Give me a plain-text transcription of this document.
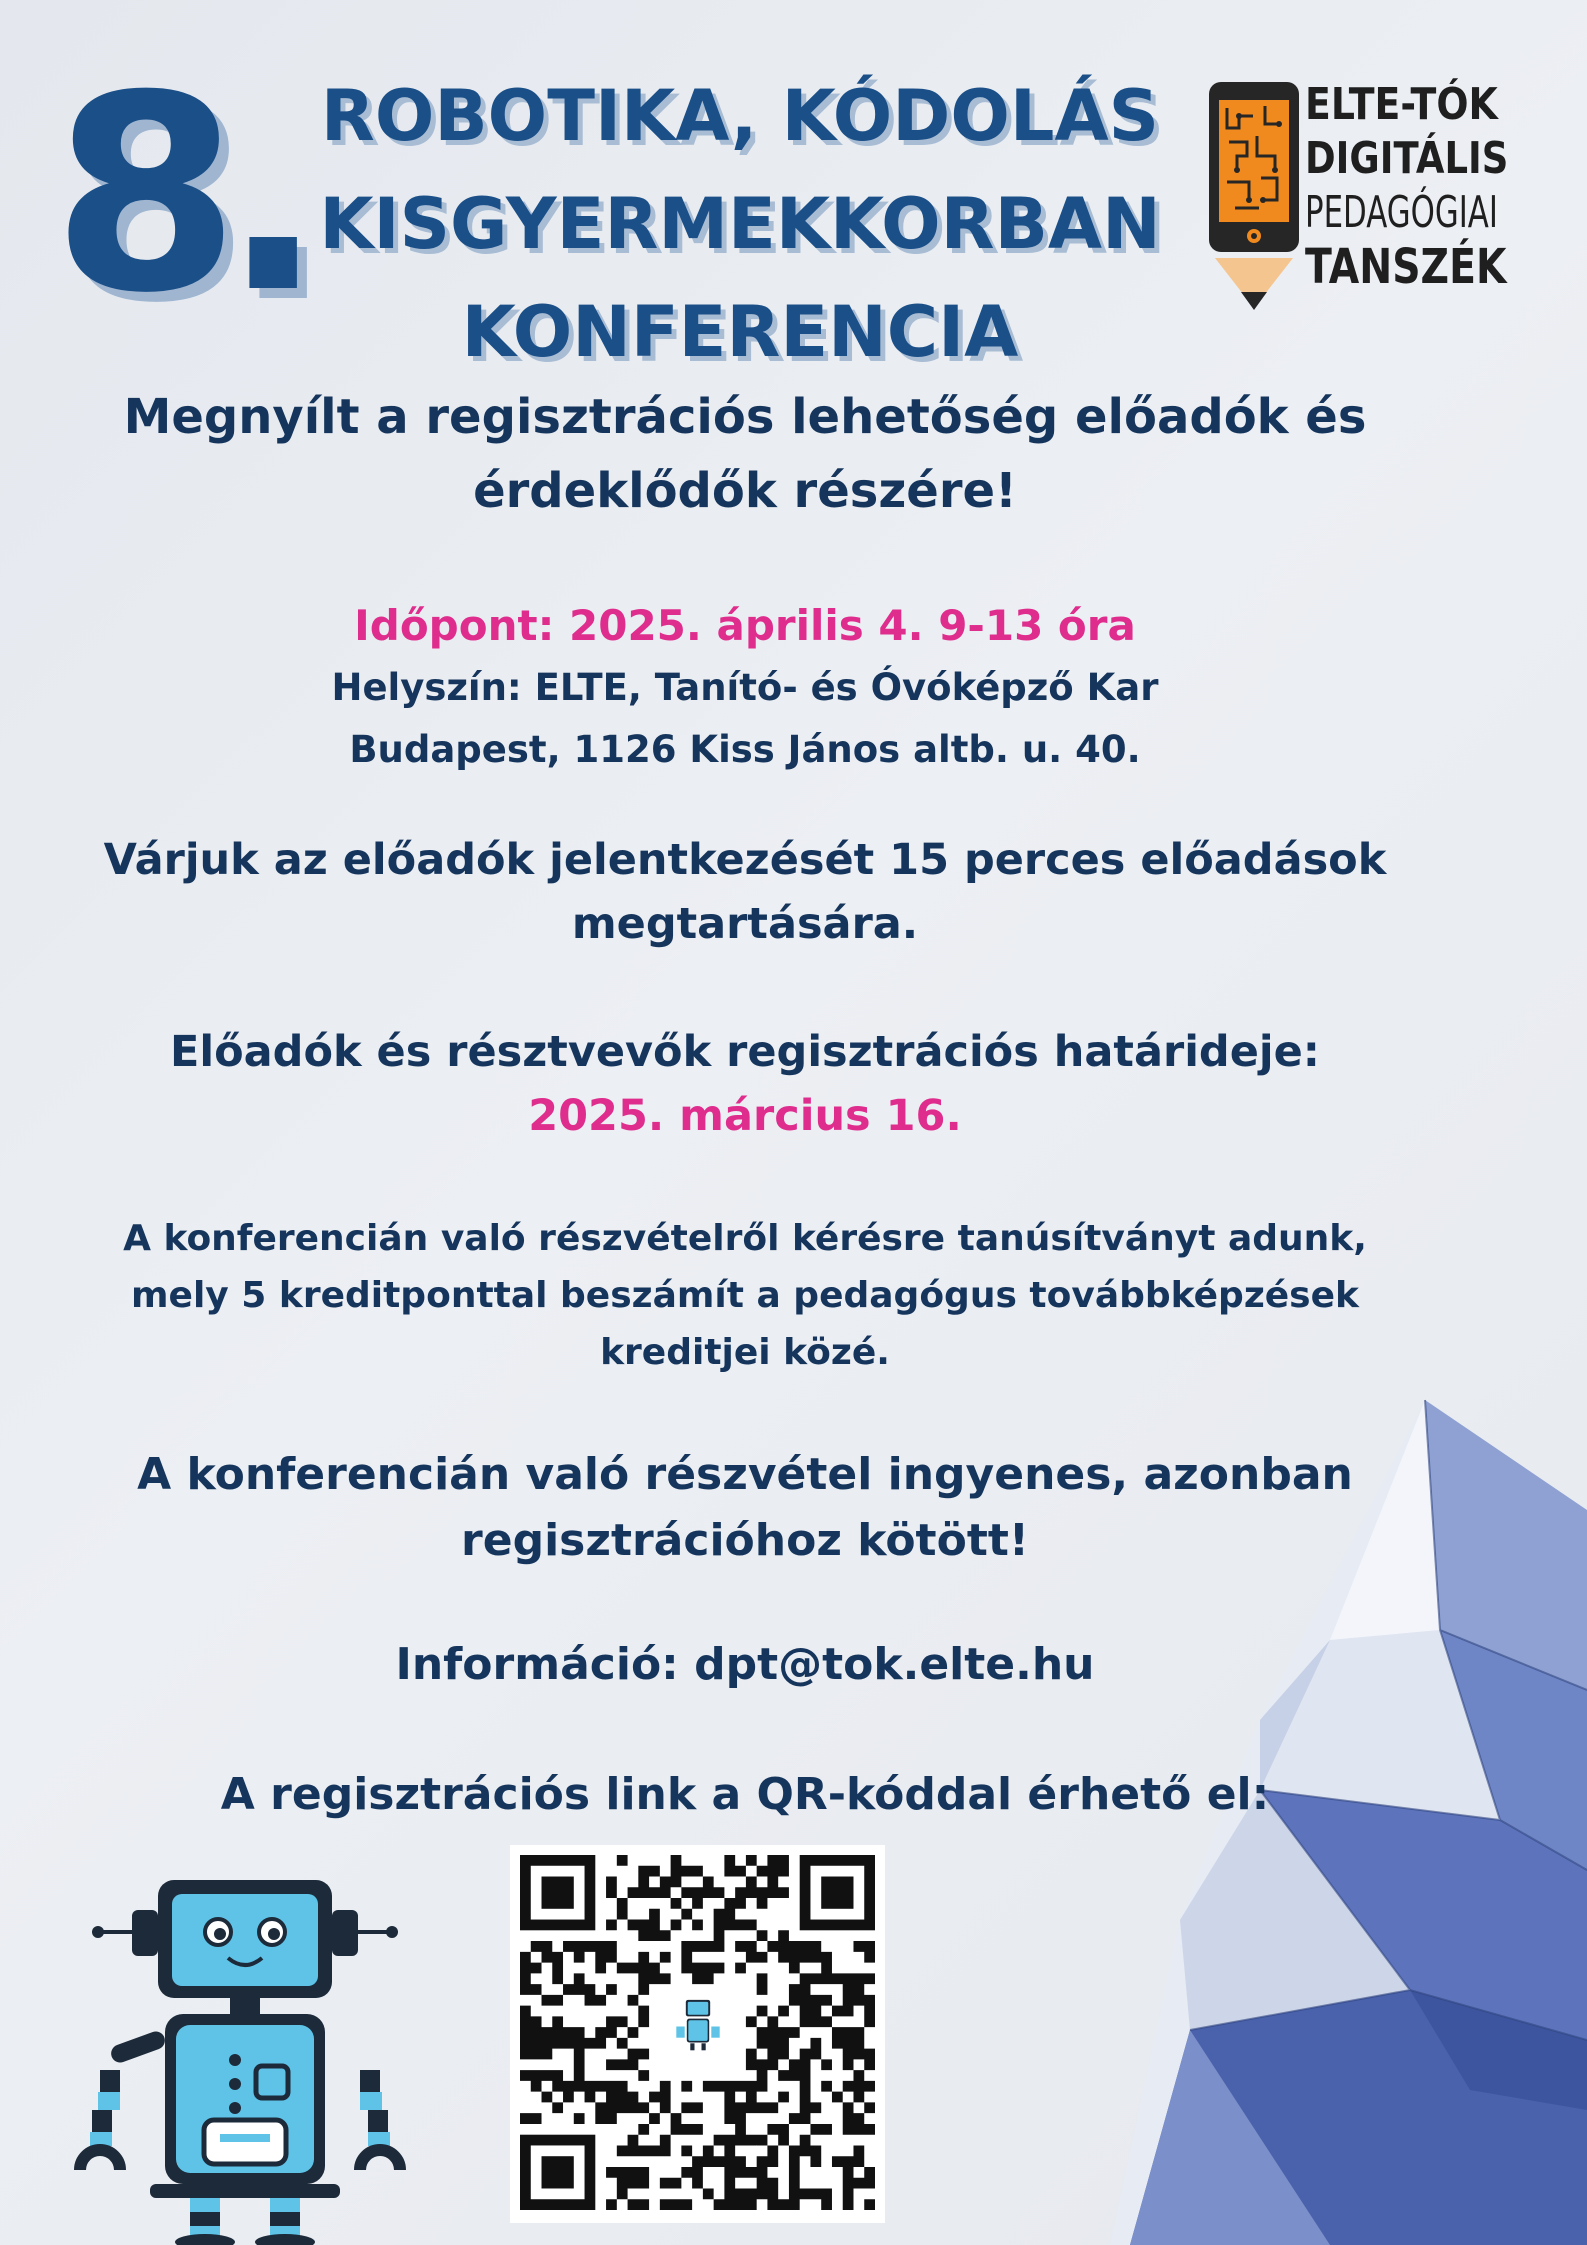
8. ROBOTIKA, KÓDOLÁS
KISGYERMEKKORBAN
KONFERENCIA
ELTE-TÓK
DIGITÁLIS
PEDAGÓGIAI
TANSZÉK
Megnyílt a regisztrációs lehetőség előadók és
érdeklődők részére!
Időpont: 2025. április 4. 9-13 óra
Helyszín: ELTE, Tanító- és Óvóképző Kar
Budapest, 1126 Kiss János altb. u. 40.
Várjuk az előadók jelentkezését 15 perces előadások
megtartására.
Előadók és résztvevők regisztrációs határideje:
2025. március 16.
A konferencián való részvételről kérésre tanúsítványt adunk,
mely 5 kreditponttal beszámít a pedagógus továbbképzések
kreditjei közé.
A konferencián való részvétel ingyenes, azonban
regisztrációhoz kötött!
Információ: dpt@tok.elte.hu
A regisztrációs link a QR-kóddal érhető el:
